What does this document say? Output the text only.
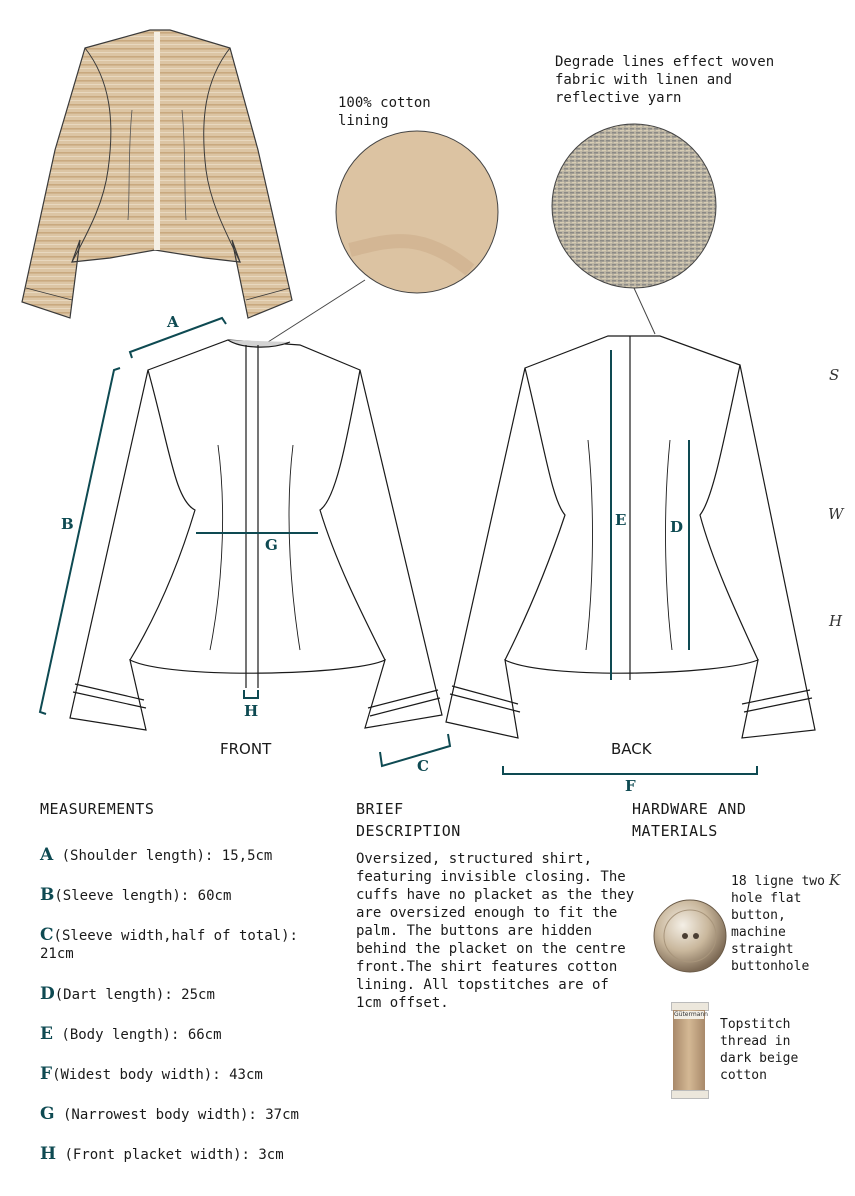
A
B
G
H
C
E	D
F
100% cotton lining
Degrade lines effect woven fabric with linen and reflective yarn
FRONT	BACK
S
W
H
K
MEASUREMENTS
A (Shoulder length): 15,5cm
B(Sleeve length): 60cm
C(Sleeve width,half of total): 21cm
D(Dart length): 25cm
E (Body length): 66cm
F(Widest body width): 43cm
G (Narrowest body width): 37cm
H (Front placket width): 3cm
BRIEF DESCRIPTION
Oversized, structured shirt, featuring invisible closing. The cuffs have no placket as the they are oversized enough to fit the palm. The buttons are hidden behind the placket on the centre front.The shirt features cotton lining. All topstitches are of 1cm offset.
HARDWARE AND MATERIALS
18 ligne two hole flat button, machine straight buttonhole
Gütermann
Topstitch thread in dark beige cotton
